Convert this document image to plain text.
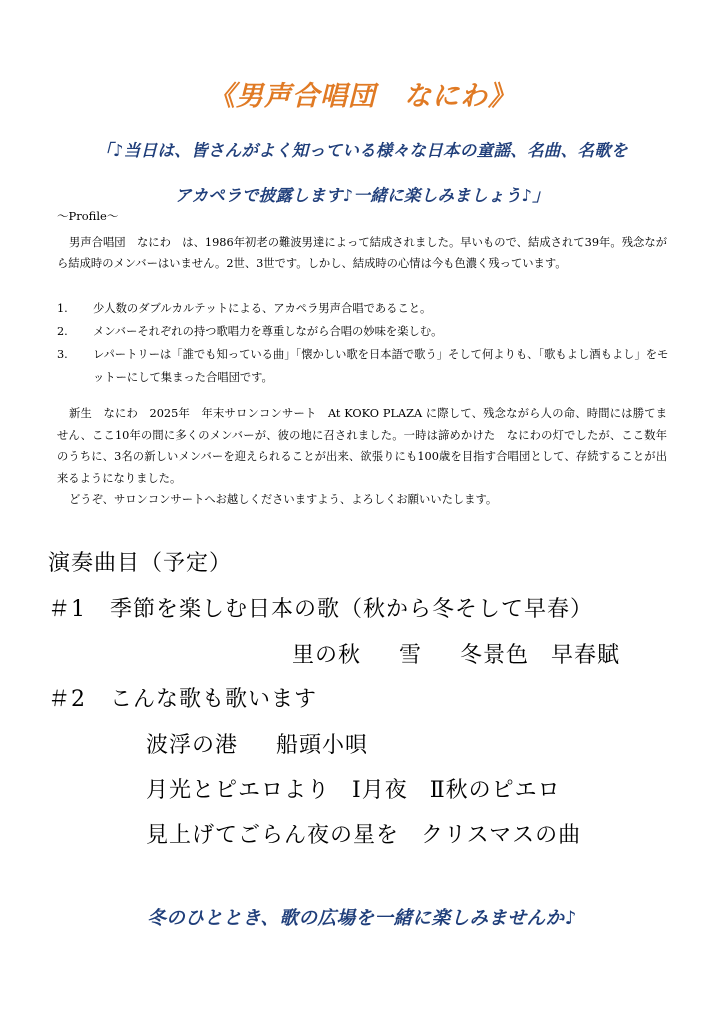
《男声合唱団　なにわ》
「♪当日は、皆さんがよく知っている様々な日本の童謡、名曲、名歌を
アカペラで披露します♪一緒に楽しみましょう♪」
〜Profile〜
男声合唱団　なにわ　は、1986年初老の難波男達によって結成されました。早いもので、結成されて39年。残念ながら結成時のメンバーはいません。2世、3世です。しかし、結成時の心情は今も色濃く残っています。
1. 少人数のダブルカルテットによる、アカペラ男声合唱であること。
2. メンバーそれぞれの持つ歌唱力を尊重しながら合唱の妙味を楽しむ。
3. レパートリーは「誰でも知っている曲」「懐かしい歌を日本語で歌う」そして何よりも、「歌もよし酒もよし」をモットーにして集まった合唱団です。
新生　なにわ　2025年　年末サロンコンサート　At KOKO PLAZA に際して、残念ながら人の命、時間には勝てません、ここ10年の間に多くのメンバーが、彼の地に召されました。一時は諦めかけた　なにわの灯でしたが、ここ数年のうちに、3名の新しいメンバーを迎えられることが出来、欲張りにも100歳を目指す合唱団として、存続することが出来るようになりました。
どうぞ、サロンコンサートへお越しくださいますよう、よろしくお願いいたします。
演奏曲目（予定）
＃1 季節を楽しむ日本の歌（秋から冬そして早春）
里の秋 雪 冬景色 早春賦
＃2 こんな歌も歌います
波浮の港 船頭小唄
月光とピエロより Ⅰ月夜 Ⅱ秋のピエロ
見上げてごらん夜の星を クリスマスの曲
冬のひととき、歌の広場を一緒に楽しみませんか♪
